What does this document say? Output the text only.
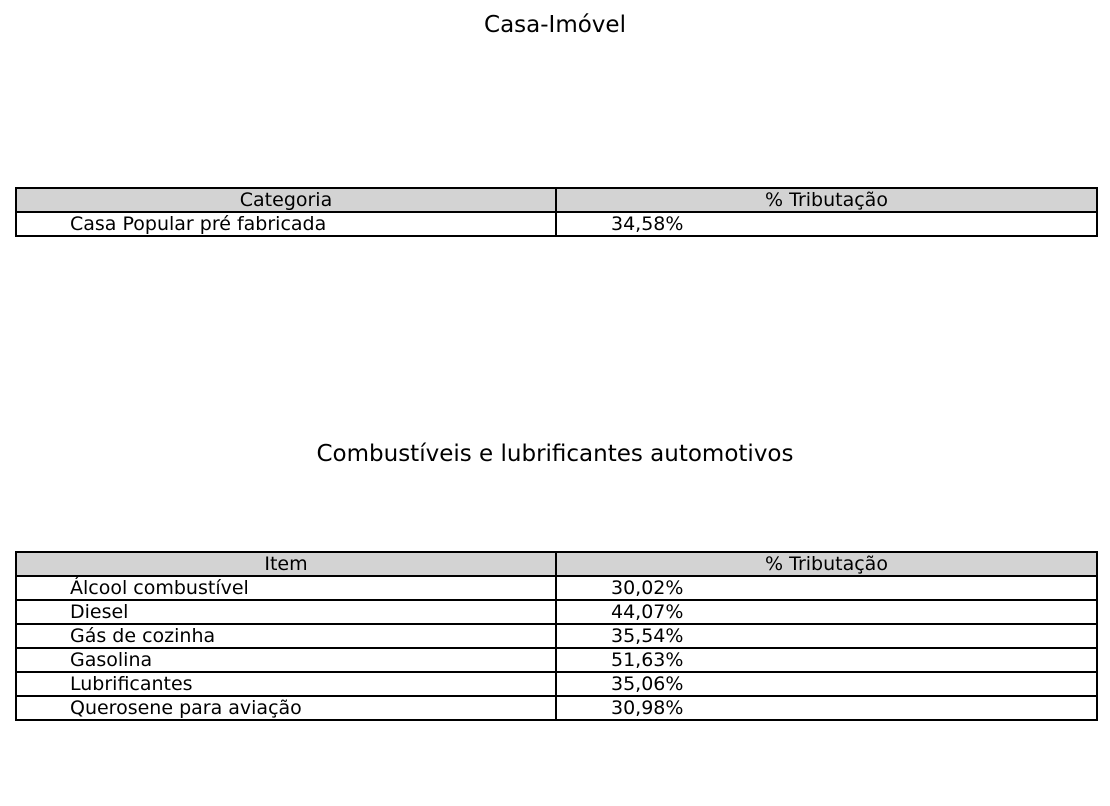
Casa-Imóvel
Categoria	% Tributação
Casa Popular pré fabricada	34,58%
Combustíveis e lubrificantes automotivos
Item	% Tributação
Álcool combustível	30,02%
Diesel	44,07%
Gás de cozinha	35,54%
Gasolina	51,63%
Lubrificantes	35,06%
Querosene para aviação	30,98%
